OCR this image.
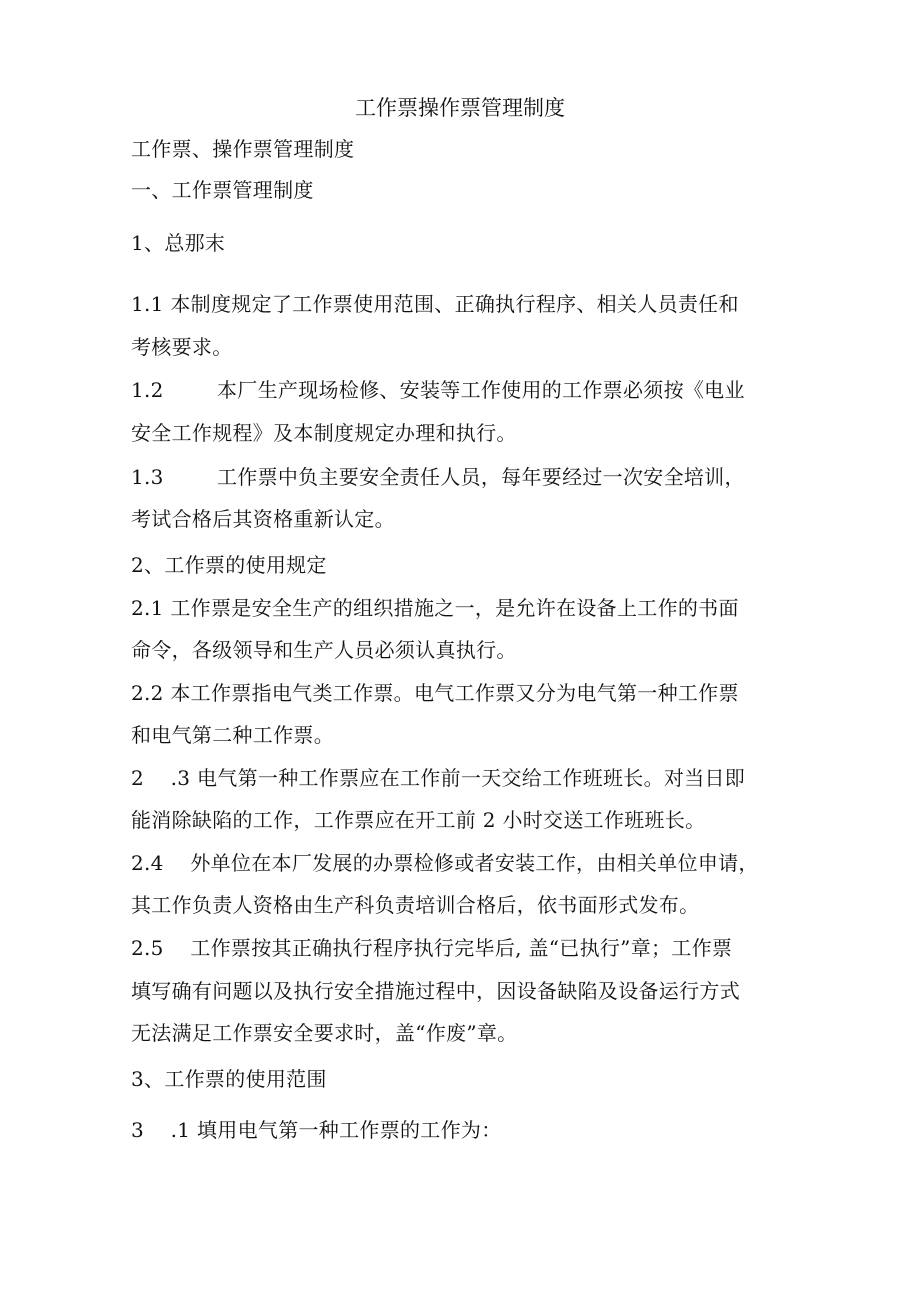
工作票操作票管理制度
工作票、操作票管理制度
一、工作票管理制度
1、总那末
1.1 本制度规定了工作票使用范围、正确执行程序、相关人员责任和
考核要求。
1.2        本厂生产现场检修、安装等工作使用的工作票必须按《电业
安全工作规程》及本制度规定办理和执行。
1.3        工作票中负主要安全责任人员，每年要经过一次安全培训，
考试合格后其资格重新认定。
2、工作票的使用规定
2.1 工作票是安全生产的组织措施之一，是允许在设备上工作的书面
命令，各级领导和生产人员必须认真执行。
2.2 本工作票指电气类工作票。电气工作票又分为电气第一种工作票
和电气第二种工作票。
2    .3 电气第一种工作票应在工作前一天交给工作班班长。对当日即
能消除缺陷的工作，工作票应在开工前 2 小时交送工作班班长。
2.4    外单位在本厂发展的办票检修或者安装工作，由相关单位申请，
其工作负责人资格由生产科负责培训合格后，依书面形式发布。
2.5    工作票按其正确执行程序执行完毕后, 盖“已执行”章；工作票
填写确有问题以及执行安全措施过程中，因设备缺陷及设备运行方式
无法满足工作票安全要求时，盖“作废”章。
3、工作票的使用范围
3    .1 填用电气第一种工作票的工作为：
